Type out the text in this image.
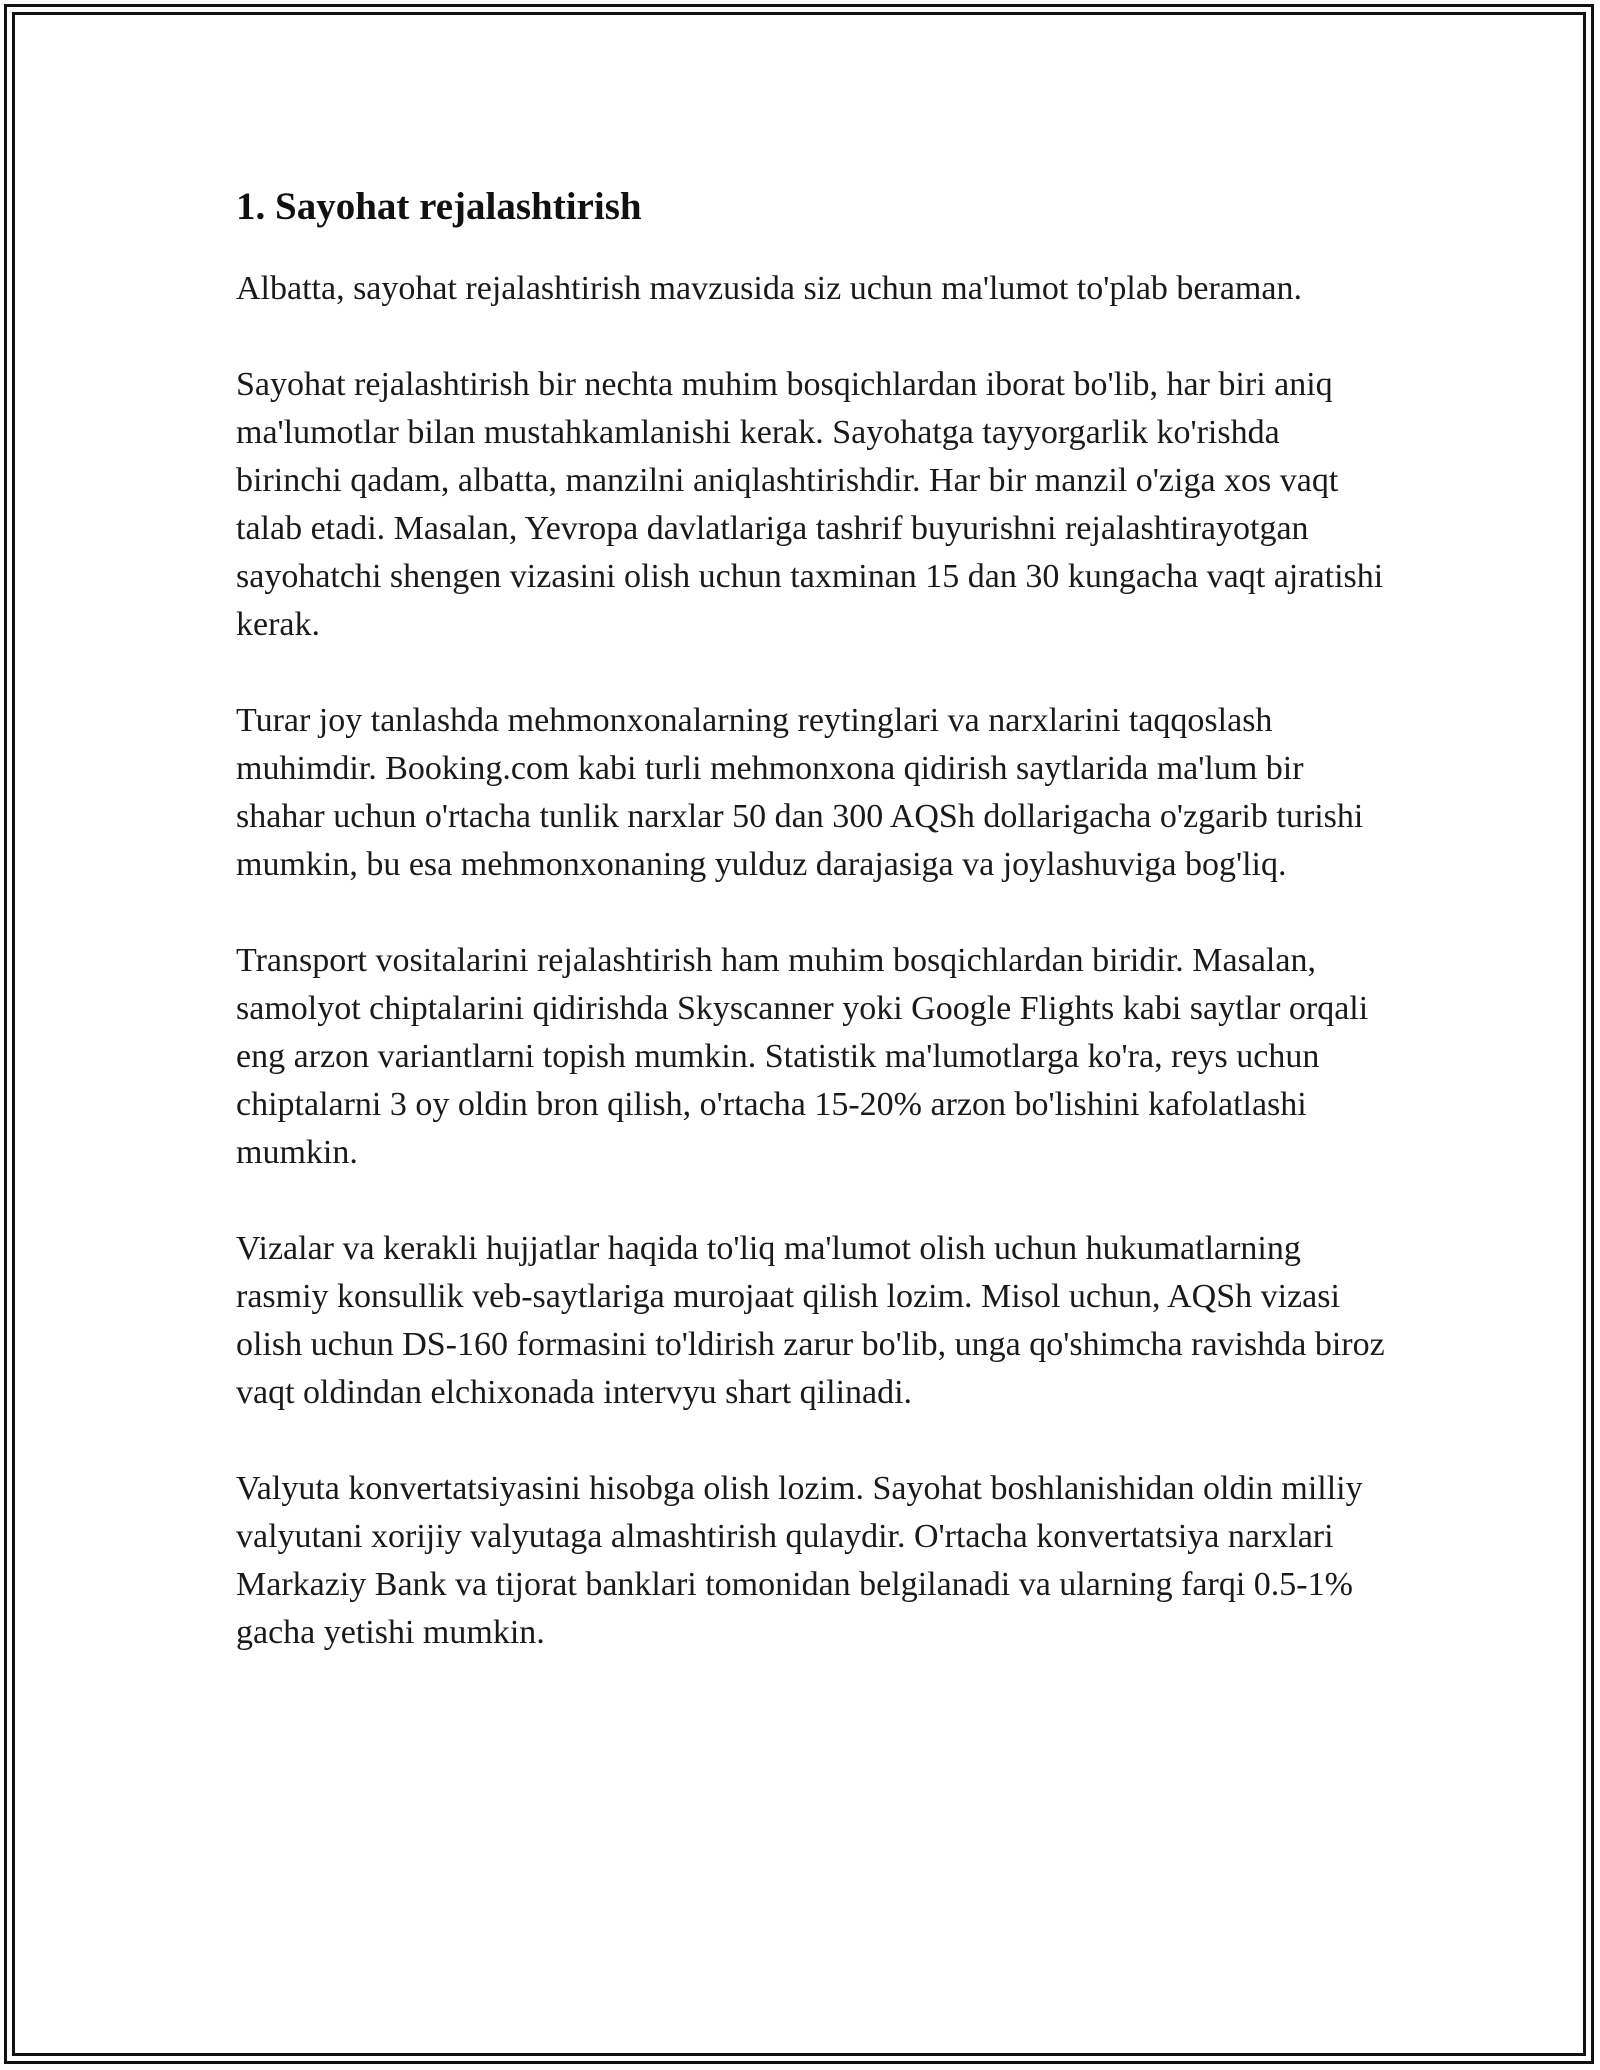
1. Sayohat rejalashtirish

Albatta, sayohat rejalashtirish mavzusida siz uchun ma'lumot to'plab beraman.

Sayohat rejalashtirish bir nechta muhim bosqichlardan iborat bo'lib, har biri aniq ma'lumotlar bilan mustahkamlanishi kerak. Sayohatga tayyorgarlik ko'rishda birinchi qadam, albatta, manzilni aniqlashtirishdir. Har bir manzil o'ziga xos vaqt talab etadi. Masalan, Yevropa davlatlariga tashrif buyurishni rejalashtirayotgan sayohatchi shengen vizasini olish uchun taxminan 15 dan 30 kungacha vaqt ajratishi kerak.

Turar joy tanlashda mehmonxonalarning reytinglari va narxlarini taqqoslash muhimdir. Booking.com kabi turli mehmonxona qidirish saytlarida ma'lum bir shahar uchun o'rtacha tunlik narxlar 50 dan 300 AQSh dollarigacha o'zgarib turishi mumkin, bu esa mehmonxonaning yulduz darajasiga va joylashuviga bog'liq.

Transport vositalarini rejalashtirish ham muhim bosqichlardan biridir. Masalan, samolyot chiptalarini qidirishda Skyscanner yoki Google Flights kabi saytlar orqali eng arzon variantlarni topish mumkin. Statistik ma'lumotlarga ko'ra, reys uchun chiptalarni 3 oy oldin bron qilish, o'rtacha 15-20% arzon bo'lishini kafolatlashi mumkin.

Vizalar va kerakli hujjatlar haqida to'liq ma'lumot olish uchun hukumatlarning rasmiy konsullik veb-saytlariga murojaat qilish lozim. Misol uchun, AQSh vizasi olish uchun DS-160 formasini to'ldirish zarur bo'lib, unga qo'shimcha ravishda biroz vaqt oldindan elchixonada intervyu shart qilinadi.

Valyuta konvertatsiyasini hisobga olish lozim. Sayohat boshlanishidan oldin milliy valyutani xorijiy valyutaga almashtirish qulaydir. O'rtacha konvertatsiya narxlari Markaziy Bank va tijorat banklari tomonidan belgilanadi va ularning farqi 0.5-1% gacha yetishi mumkin.
